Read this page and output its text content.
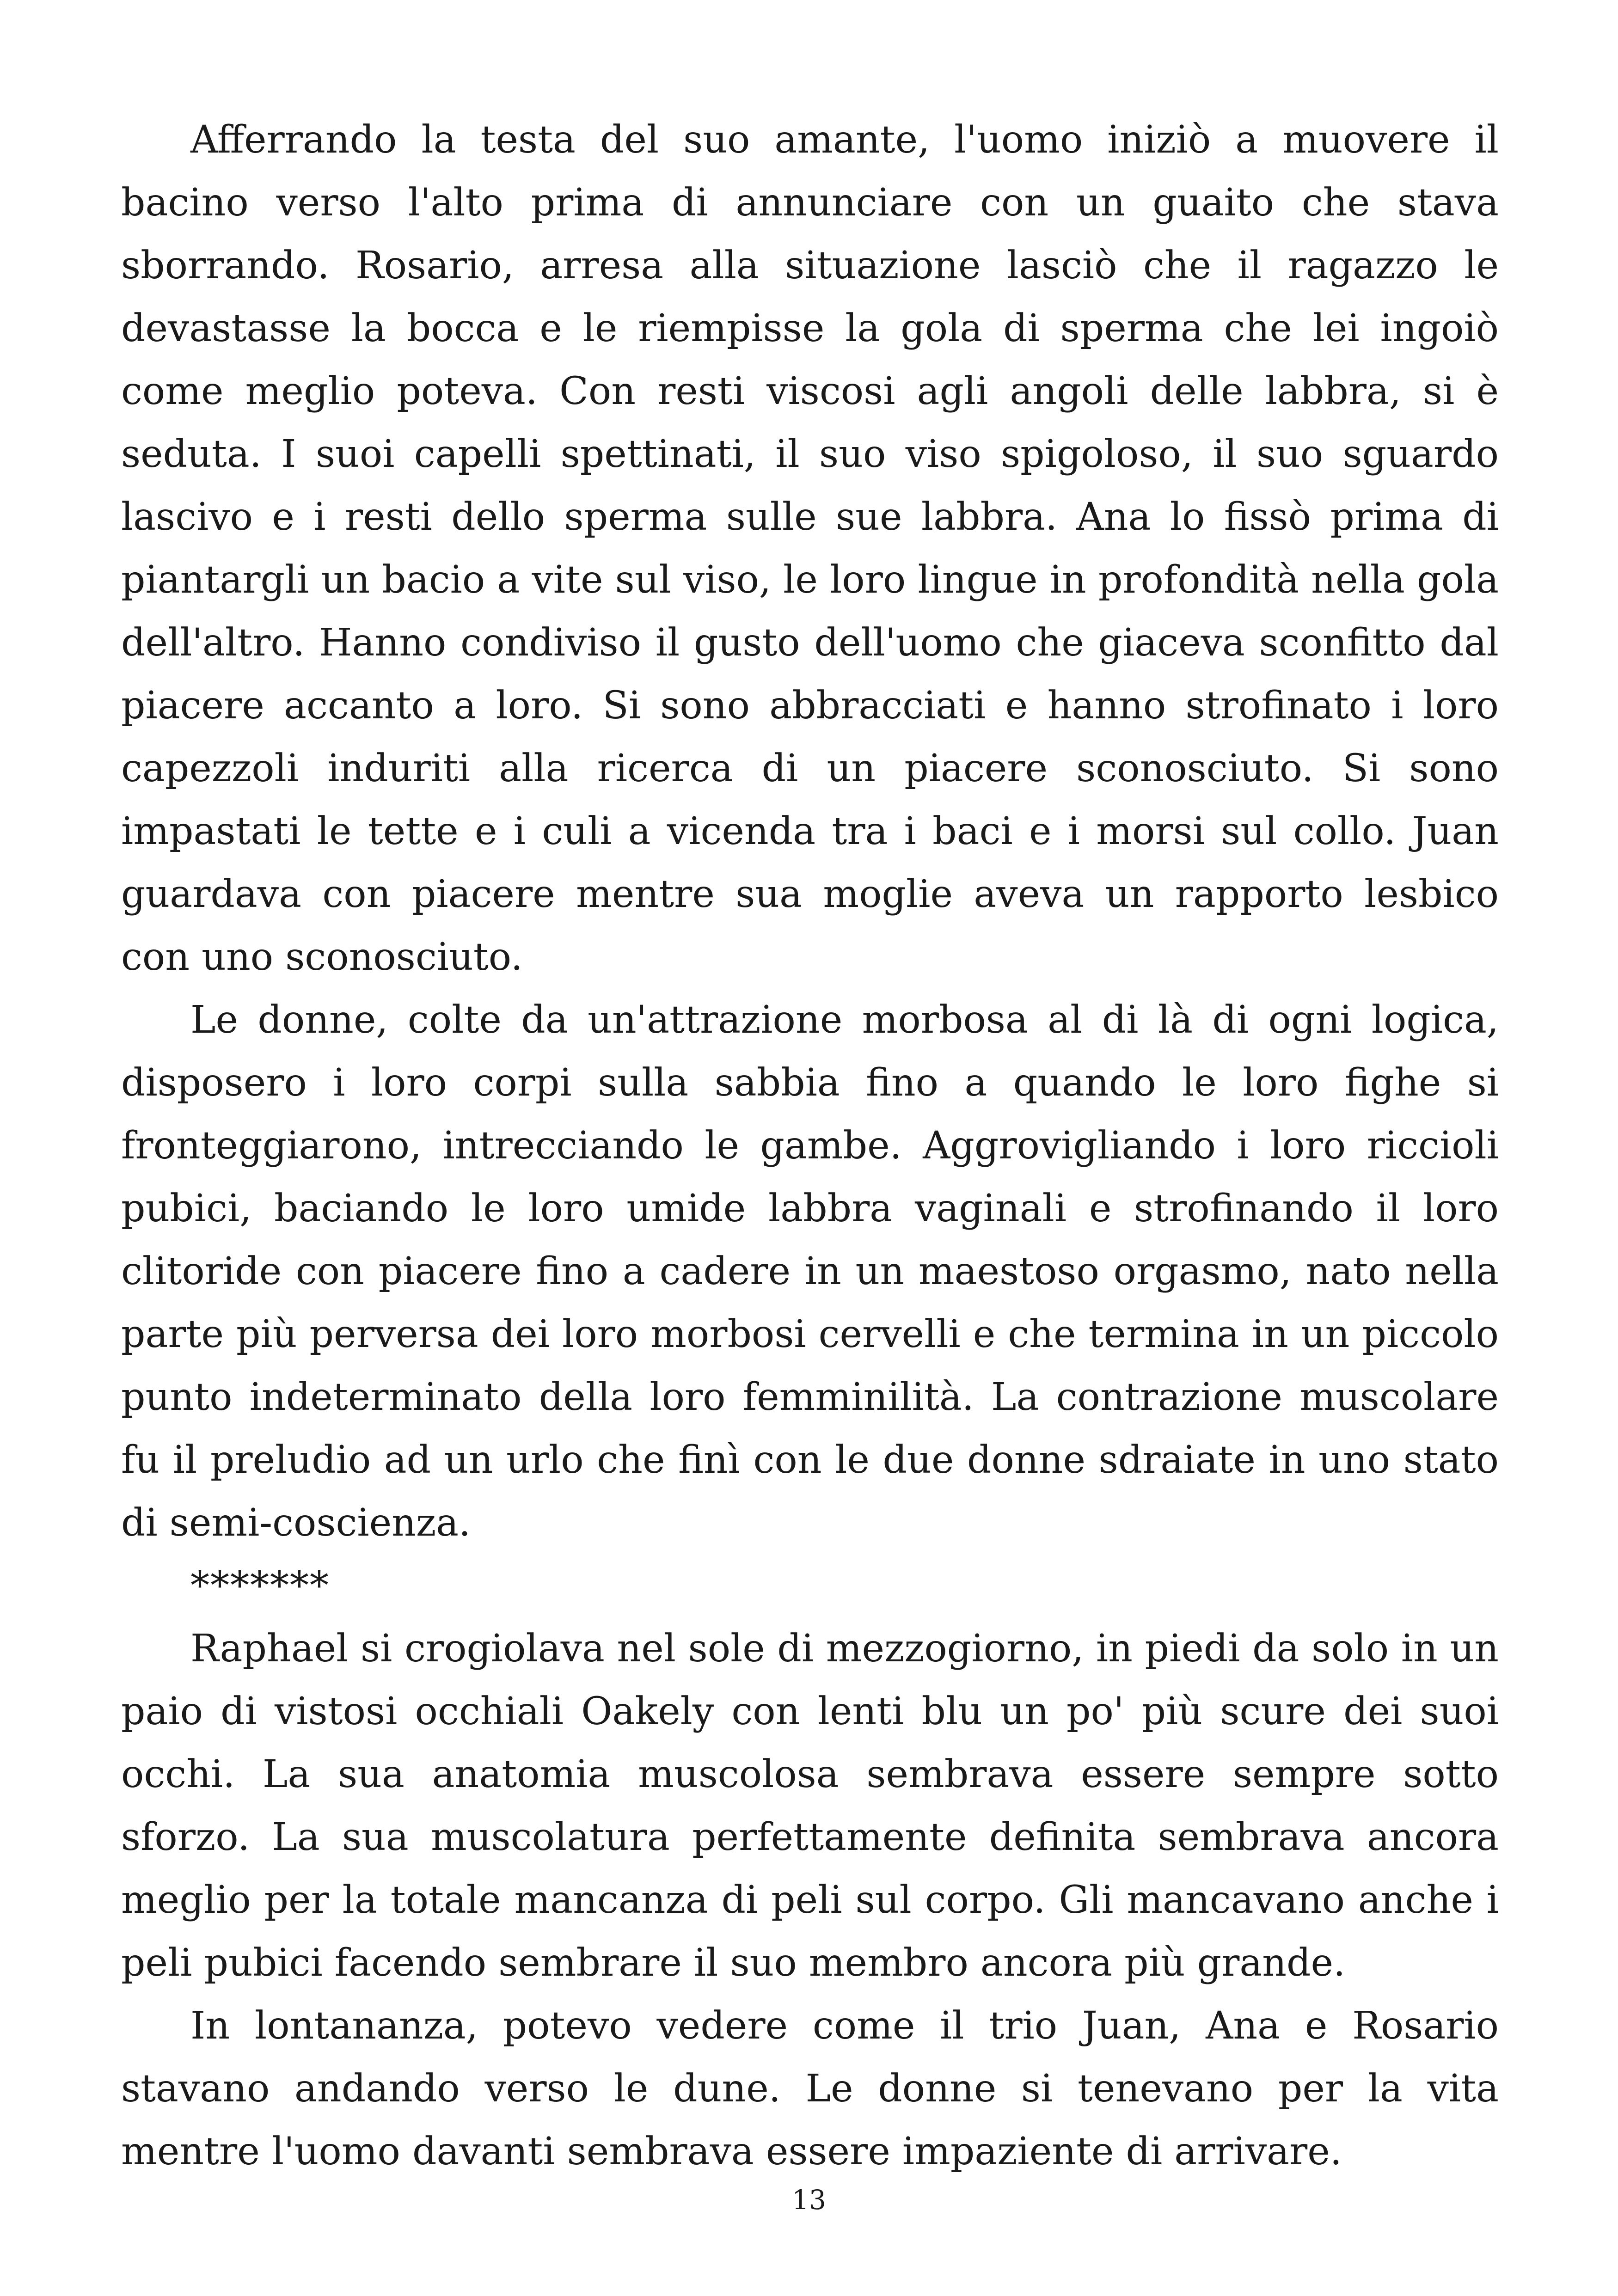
Afferrando la testa del suo amante, l'uomo iniziò a muovere il bacino verso l'alto prima di annunciare con un guaito che stava sborrando. Rosario, arresa alla situazione lasciò che il ragazzo le devastasse la bocca e le riempisse la gola di sperma che lei ingoiò come meglio poteva. Con resti viscosi agli angoli delle labbra, si è seduta. I suoi capelli spettinati, il suo viso spigoloso, il suo sguardo lascivo e i resti dello sperma sulle sue labbra. Ana lo fissò prima di piantargli un bacio a vite sul viso, le loro lingue in profondità nella gola dell'altro. Hanno condiviso il gusto dell'uomo che giaceva sconfitto dal piacere accanto a loro. Si sono abbracciati e hanno strofinato i loro capezzoli induriti alla ricerca di un piacere sconosciuto. Si sono impastati le tette e i culi a vicenda tra i baci e i morsi sul collo. Juan guardava con piacere mentre sua moglie aveva un rapporto lesbico con uno sconosciuto.

Le donne, colte da un'attrazione morbosa al di là di ogni logica, disposero i loro corpi sulla sabbia fino a quando le loro fighe si fronteggiarono, intrecciando le gambe. Aggrovigliando i loro riccioli pubici, baciando le loro umide labbra vaginali e strofinando il loro clitoride con piacere fino a cadere in un maestoso orgasmo, nato nella parte più perversa dei loro morbosi cervelli e che termina in un piccolo punto indeterminato della loro femminilità. La contrazione muscolare fu il preludio ad un urlo che finì con le due donne sdraiate in uno stato di semi-coscienza.

*******

Raphael si crogiolava nel sole di mezzogiorno, in piedi da solo in un paio di vistosi occhiali Oakely con lenti blu un po' più scure dei suoi occhi. La sua anatomia muscolosa sembrava essere sempre sotto sforzo. La sua muscolatura perfettamente definita sembrava ancora meglio per la totale mancanza di peli sul corpo. Gli mancavano anche i peli pubici facendo sembrare il suo membro ancora più grande.

In lontananza, potevo vedere come il trio Juan, Ana e Rosario stavano andando verso le dune. Le donne si tenevano per la vita mentre l'uomo davanti sembrava essere impaziente di arrivare.

13
